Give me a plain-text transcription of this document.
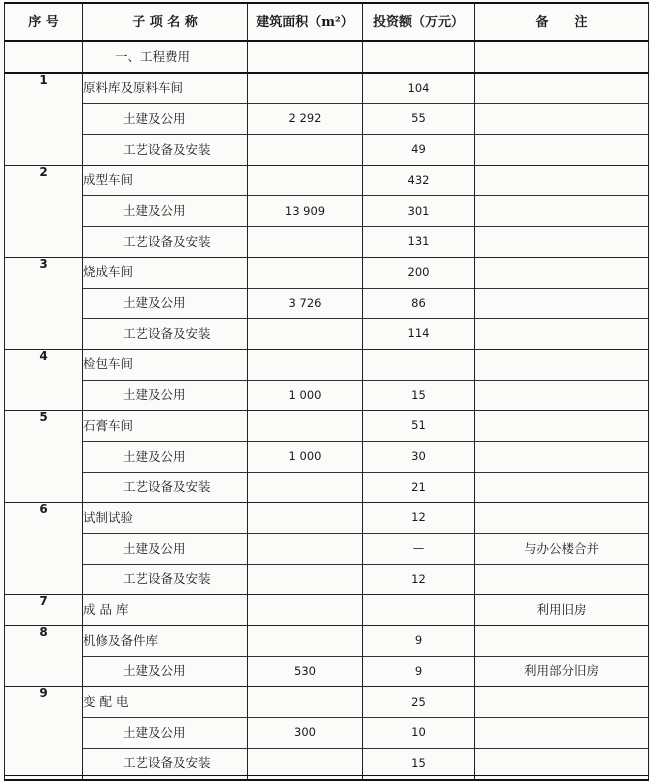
序 号	子 项 名 称	建筑面积（m²）	投资额（万元）	备　　注
	一、工程费用			
1	原料库及原料车间		104	
	土建及公用	2 292	55	
	工艺设备及安装		49	
2	成型车间		432	
	土建及公用	13 909	301	
	工艺设备及安装		131	
3	烧成车间		200	
	土建及公用	3 726	86	
	工艺设备及安装		114	
4	检包车间			
	土建及公用	1 000	15	
5	石膏车间		51	
	土建及公用	1 000	30	
	工艺设备及安装		21	
6	试制试验		12	
	土建及公用		—	与办公楼合并
	工艺设备及安装		12	
7	成 品 库			利用旧房
8	机修及备件库		9	
	土建及公用	530	9	利用部分旧房
9	变 配 电		25	
	土建及公用	300	10	
	工艺设备及安装		15	
